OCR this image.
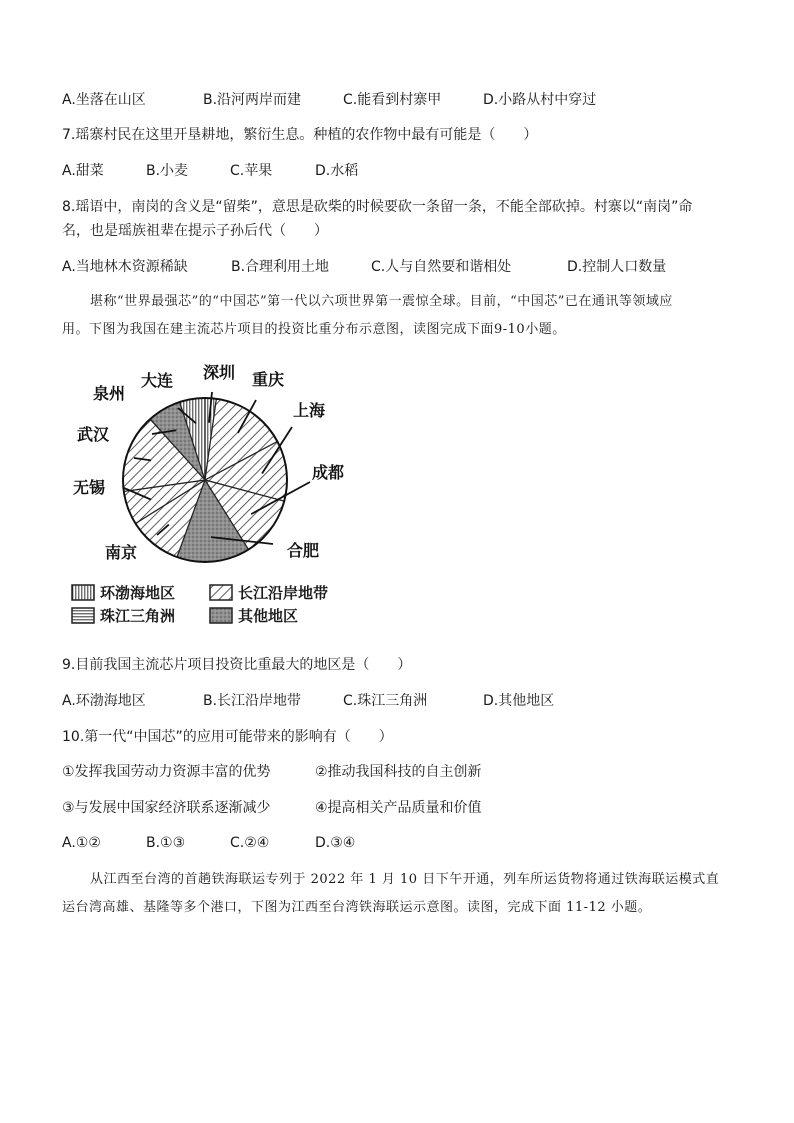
A.坐落在山区	B.沿河两岸而建	C.能看到村寨甲	D.小路从村中穿过
7.瑶寨村民在这里开垦耕地，繁衍生息。种植的农作物中最有可能是（　　）
A.甜菜	B.小麦	C.苹果	D.水稻
8.瑶语中，南岗的含义是“留柴”，意思是砍柴的时候要砍一条留一条，不能全部砍掉。村寨以“南岗”命
名，也是瑶族祖辈在提示子孙后代（　　）
A.当地林木资源稀缺	B.合理利用土地	C.人与自然要和谐相处	D.控制人口数量
堪称“世界最强芯”的“中国芯”第一代以六项世界第一震惊全球。目前，“中国芯”已在通讯等领域应
用。下图为我国在建主流芯片项目的投资比重分布示意图，读图完成下面9-10小题。
深圳 重庆
上海
成都
合肥
南京
无锡
武汉
泉州
大连
环渤海地区	长江沿岸地带
珠江三角洲	其他地区
9.目前我国主流芯片项目投资比重最大的地区是（　　）
A.环渤海地区	B.长江沿岸地带	C.珠江三角洲	D.其他地区
10.第一代“中国芯”的应用可能带来的影响有（　　）
①发挥我国劳动力资源丰富的优势	②推动我国科技的自主创新
③与发展中国家经济联系逐渐减少	④提高相关产品质量和价值
A.①②	B.①③	C.②④	D.③④
从江西至台湾的首趟铁海联运专列于 2022 年 1 月 10 日下午开通，列车所运货物将通过铁海联运模式直
运台湾高雄、基隆等多个港口，下图为江西至台湾铁海联运示意图。读图，完成下面 11-12 小题。
